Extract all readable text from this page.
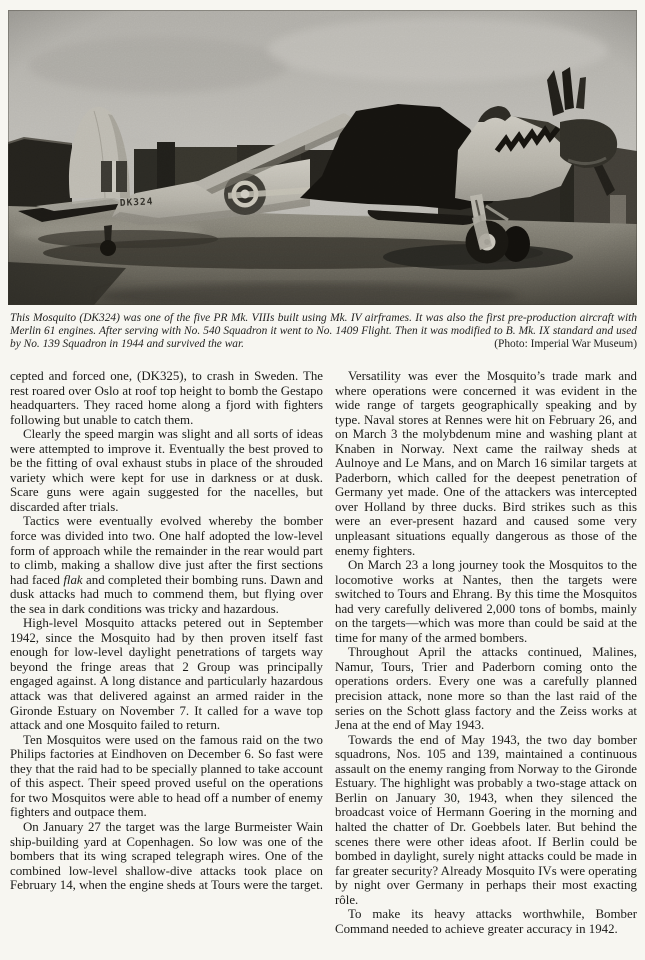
This Mosquito (DK324) was one of the five PR Mk. VIIIs built using Mk. IV airframes. It was also the first pre-production aircraft with Merlin 61 engines. After serving with No. 540 Squadron it went to No. 1409 Flight. Then it was modified to B. Mk. IX standard and used by No. 139 Squadron in 1944 and survived the war.	(Photo: Imperial War Museum)

cepted and forced one, (DK325), to crash in Sweden. The rest roared over Oslo at roof top height to bomb the Gestapo headquarters. They raced home along a fjord with fighters following but unable to catch them.

Clearly the speed margin was slight and all sorts of ideas were attempted to improve it. Eventually the best proved to be the fitting of oval exhaust stubs in place of the shrouded variety which were kept for use in darkness or at dusk. Scare guns were again suggested for the nacelles, but discarded after trials.

Tactics were eventually evolved whereby the bomber force was divided into two. One half adopted the low-level form of approach while the remainder in the rear would part to climb, making a shallow dive just after the first sections had faced flak and completed their bombing runs. Dawn and dusk attacks had much to commend them, but flying over the sea in dark conditions was tricky and hazardous.

High-level Mosquito attacks petered out in September 1942, since the Mosquito had by then proven itself fast enough for low-level daylight penetrations of targets way beyond the fringe areas that 2 Group was principally engaged against. A long distance and particularly hazardous attack was that delivered against an armed raider in the Gironde Estuary on November 7. It called for a wave top attack and one Mosquito failed to return.

Ten Mosquitos were used on the famous raid on the two Philips factories at Eindhoven on December 6. So fast were they that the raid had to be specially planned to take account of this aspect. Their speed proved useful on the operations for two Mosquitos were able to head off a number of enemy fighters and outpace them.

On January 27 the target was the large Burmeister Wain ship-building yard at Copenhagen. So low was one of the bombers that its wing scraped telegraph wires. One of the combined low-level shallow-dive attacks took place on February 14, when the engine sheds at Tours were the target.

Versatility was ever the Mosquito’s trade mark and where operations were concerned it was evident in the wide range of targets geographically speaking and by type. Naval stores at Rennes were hit on February 26, and on March 3 the molybdenum mine and washing plant at Knaben in Norway. Next came the railway sheds at Aulnoye and Le Mans, and on March 16 similar targets at Paderborn, which called for the deepest penetration of Germany yet made. One of the attackers was intercepted over Holland by three ducks. Bird strikes such as this were an ever-present hazard and caused some very unpleasant situations equally dangerous as those of the enemy fighters.

On March 23 a long journey took the Mosquitos to the locomotive works at Nantes, then the targets were switched to Tours and Ehrang. By this time the Mosquitos had very carefully delivered 2,000 tons of bombs, mainly on the targets—which was more than could be said at the time for many of the armed bombers.

Throughout April the attacks continued, Malines, Namur, Tours, Trier and Paderborn coming onto the operations orders. Every one was a carefully planned precision attack, none more so than the last raid of the series on the Schott glass factory and the Zeiss works at Jena at the end of May 1943.

Towards the end of May 1943, the two day bomber squadrons, Nos. 105 and 139, maintained a continuous assault on the enemy ranging from Norway to the Gironde Estuary. The highlight was probably a two-stage attack on Berlin on January 30, 1943, when they silenced the broadcast voice of Hermann Goering in the morning and halted the chatter of Dr. Goebbels later. But behind the scenes there were other ideas afoot. If Berlin could be bombed in daylight, surely night attacks could be made in far greater security? Already Mosquito IVs were operating by night over Germany in perhaps their most exacting rôle.

To make its heavy attacks worthwhile, Bomber Command needed to achieve greater accuracy in 1942.
